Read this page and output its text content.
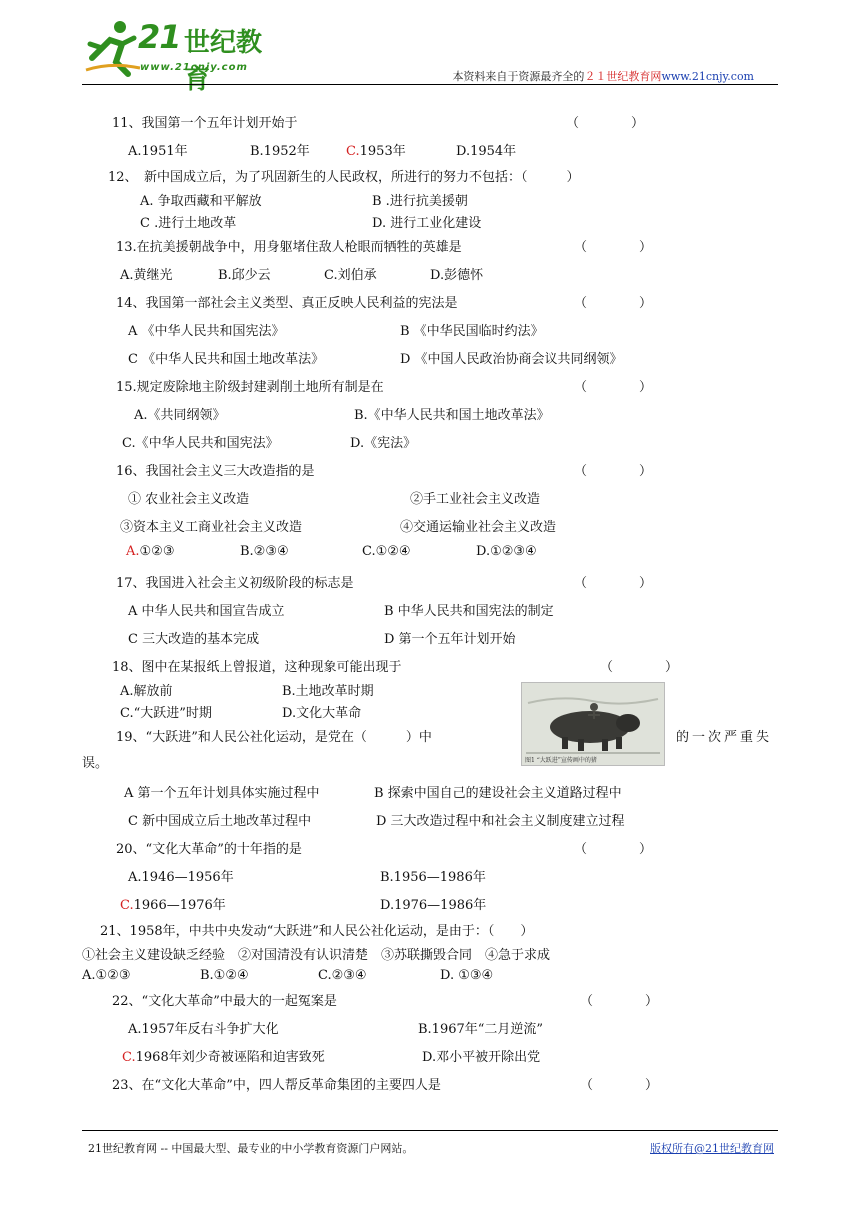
21 世纪教育
www.21cnjy.com
本资料来自于资源最齐全的２１世纪教育网www.21cnjy.com
11、我国第一个五年计划开始于	（　　　　）
A.1951年	B.1952年	C.1953年	D.1954年
12、　新中国成立后，为了巩固新生的人民政权，所进行的努力不包括：（　　　）
A. 争取西藏和平解放	B .进行抗美援朝
C .进行土地改革	D. 进行工业化建设
13.在抗美援朝战争中，用身躯堵住敌人枪眼而牺牲的英雄是	（　　　　）
A.黄继光	B.邱少云	C.刘伯承	D.彭德怀
14、我国第一部社会主义类型、真正反映人民利益的宪法是	（　　　　）
A 《中华人民共和国宪法》	B 《中华民国临时约法》
C 《中华人民共和国土地改革法》	D 《中国人民政治协商会议共同纲领》
15.规定废除地主阶级封建剥削土地所有制是在	（　　　　）
A.《共同纲领》	B.《中华人民共和国土地改革法》
C.《中华人民共和国宪法》	D.《宪法》
16、我国社会主义三大改造指的是	（　　　　）
① 农业社会主义改造	②手工业社会主义改造
③资本主义工商业社会主义改造	④交通运输业社会主义改造
A.①②③	B.②③④	C.①②④	D.①②③④
17、我国进入社会主义初级阶段的标志是	（　　　　）
A 中华人民共和国宣告成立	B 中华人民共和国宪法的制定
C 三大改造的基本完成	D 第一个五年计划开始
18、图中在某报纸上曾报道，这种现象可能出现于	（　　　　）
A.解放前	B.土地改革时期
C.“大跃进”时期	D.文化大革命
图1 “大跃进”宣传画中的猪
19、“大跃进”和人民公社化运动，是党在（　　　）中	的一次严重失
误。
A 第一个五年计划具体实施过程中	B 探索中国自己的建设社会主义道路过程中
C 新中国成立后土地改革过程中	D 三大改造过程中和社会主义制度建立过程
20、“文化大革命”的十年指的是	（　　　　）
A.1946—1956年	B.1956—1986年
C.1966—1976年	D.1976—1986年
21、1958年，中共中央发动“大跃进”和人民公社化运动，是由于：（　　）
①社会主义建设缺乏经验　②对国清没有认识清楚　③苏联撕毁合同　④急于求成
A.①②③	B.①②④	C.②③④	D. ①③④
22、“文化大革命”中最大的一起冤案是	（　　　　）
A.1957年反右斗争扩大化	B.1967年“二月逆流”
C.1968年刘少奇被诬陷和迫害致死	D.邓小平被开除出党
23、在“文化大革命”中，四人帮反革命集团的主要四人是	（　　　　）
21世纪教育网 -- 中国最大型、最专业的中小学教育资源门户网站。	版权所有@21世纪教育网
